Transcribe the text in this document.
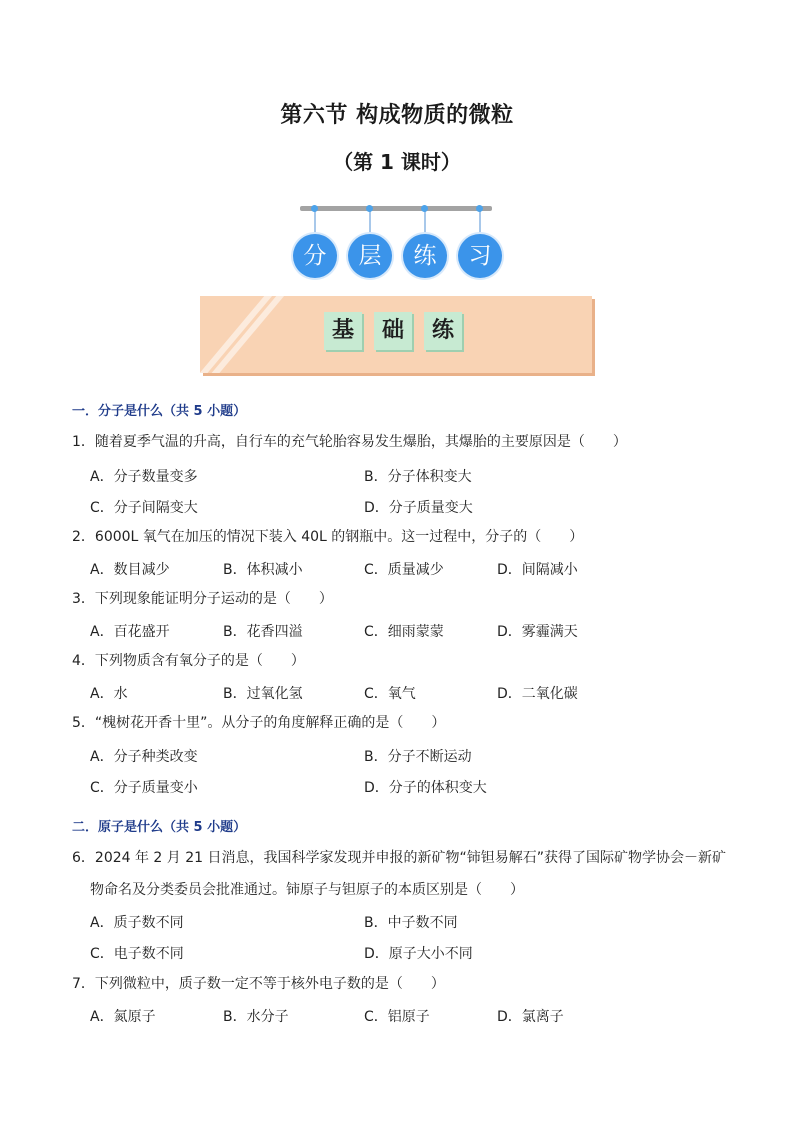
第六节 构成物质的微粒
（第 1 课时）
分	层	练	习
基	础	练
一．分子是什么（共 5 小题）
1．随着夏季气温的升高，自行车的充气轮胎容易发生爆胎，其爆胎的主要原因是（　　）
A．分子数量变多	B．分子体积变大
C．分子间隔变大	D．分子质量变大
2．6000L 氧气在加压的情况下装入 40L 的钢瓶中。这一过程中，分子的（　　）
A．数目减少	B．体积减小	C．质量减少	D．间隔减小
3．下列现象能证明分子运动的是（　　）
A．百花盛开	B．花香四溢	C．细雨蒙蒙	D．雾霾满天
4．下列物质含有氧分子的是（　　）
A．水	B．过氧化氢	C．氧气	D．二氧化碳
5．“槐树花开香十里”。从分子的角度解释正确的是（　　）
A．分子种类改变	B．分子不断运动
C．分子质量变小	D．分子的体积变大
二．原子是什么（共 5 小题）
6．2024 年 2 月 21 日消息，我国科学家发现并申报的新矿物“铈钽易解石”获得了国际矿物学协会－新矿
物命名及分类委员会批准通过。铈原子与钽原子的本质区别是（　　）
A．质子数不同	B．中子数不同
C．电子数不同	D．原子大小不同
7．下列微粒中，质子数一定不等于核外电子数的是（　　）
A．氮原子	B．水分子	C．铝原子	D．氯离子
